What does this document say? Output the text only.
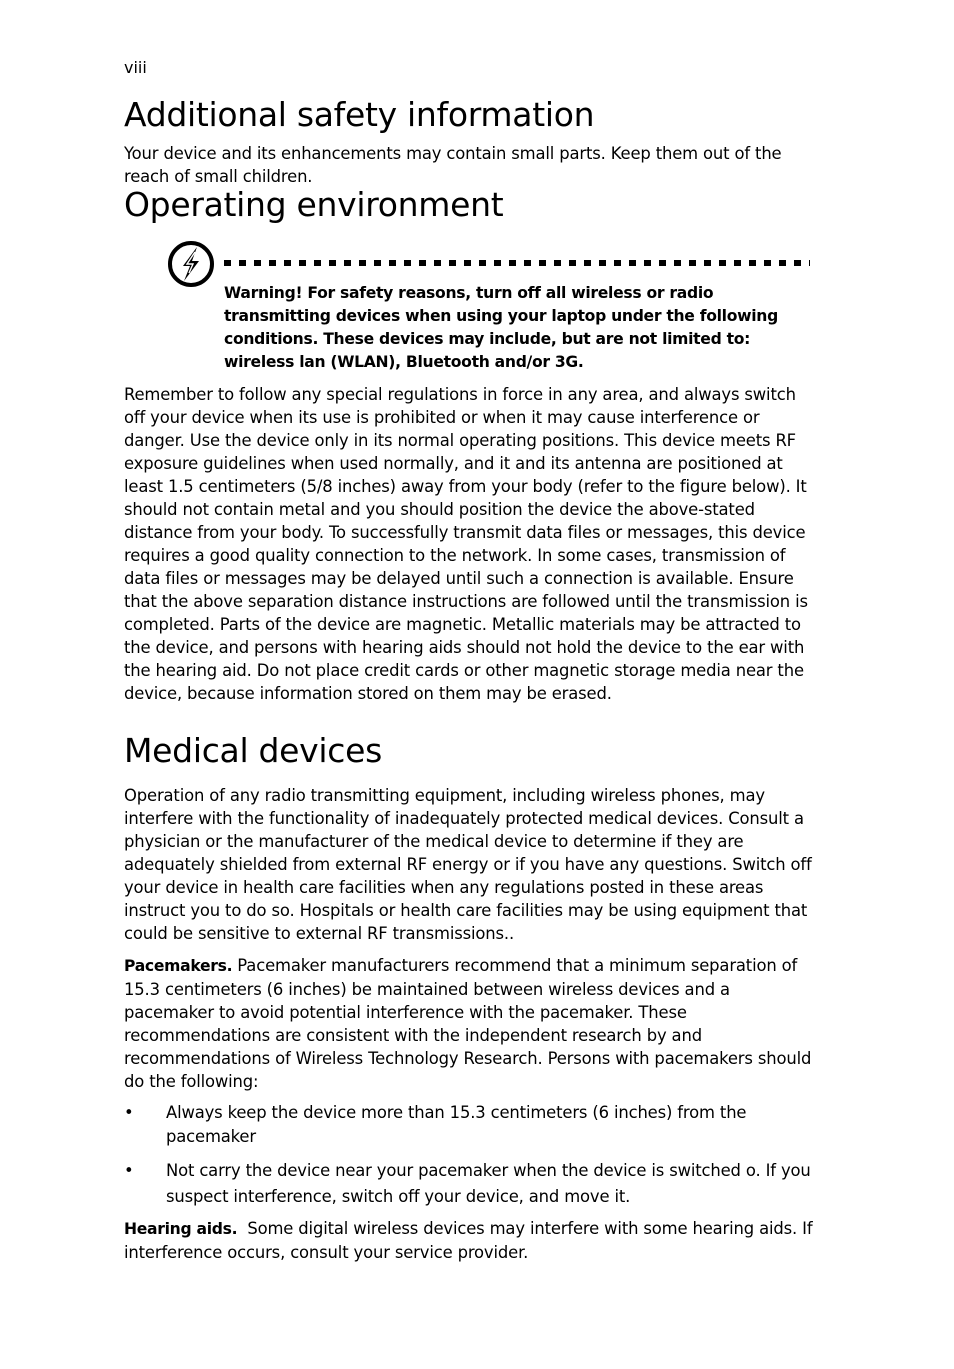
viii
Additional safety information

Your device and its enhancements may contain small parts. Keep them out of the reach of small children.

Operating environment

Warning! For safety reasons, turn off all wireless or radio transmitting devices when using your laptop under the following conditions. These devices may include, but are not limited to: wireless lan (WLAN), Bluetooth and/or 3G.

Remember to follow any special regulations in force in any area, and always switch off your device when its use is prohibited or when it may cause interference or danger. Use the device only in its normal operating positions. This device meets RF exposure guidelines when used normally, and it and its antenna are positioned at least 1.5 centimeters (5/8 inches) away from your body (refer to the figure below). It should not contain metal and you should position the device the above-stated distance from your body. To successfully transmit data files or messages, this device requires a good quality connection to the network. In some cases, transmission of data files or messages may be delayed until such a connection is available. Ensure that the above separation distance instructions are followed until the transmission is completed. Parts of the device are magnetic. Metallic materials may be attracted to the device, and persons with hearing aids should not hold the device to the ear with the hearing aid. Do not place credit cards or other magnetic storage media near the device, because information stored on them may be erased.

Medical devices

Operation of any radio transmitting equipment, including wireless phones, may interfere with the functionality of inadequately protected medical devices. Consult a physician or the manufacturer of the medical device to determine if they are adequately shielded from external RF energy or if you have any questions. Switch off your device in health care facilities when any regulations posted in these areas instruct you to do so. Hospitals or health care facilities may be using equipment that could be sensitive to external RF transmissions..

Pacemakers. Pacemaker manufacturers recommend that a minimum separation of 15.3 centimeters (6 inches) be maintained between wireless devices and a pacemaker to avoid potential interference with the pacemaker. These recommendations are consistent with the independent research by and recommendations of Wireless Technology Research. Persons with pacemakers should do the following:

•	Always keep the device more than 15.3 centimeters (6 inches) from the pacemaker
•	Not carry the device near your pacemaker when the device is switched o. If you suspect interference, switch off your device, and move it.

Hearing aids.  Some digital wireless devices may interfere with some hearing aids. If interference occurs, consult your service provider.
